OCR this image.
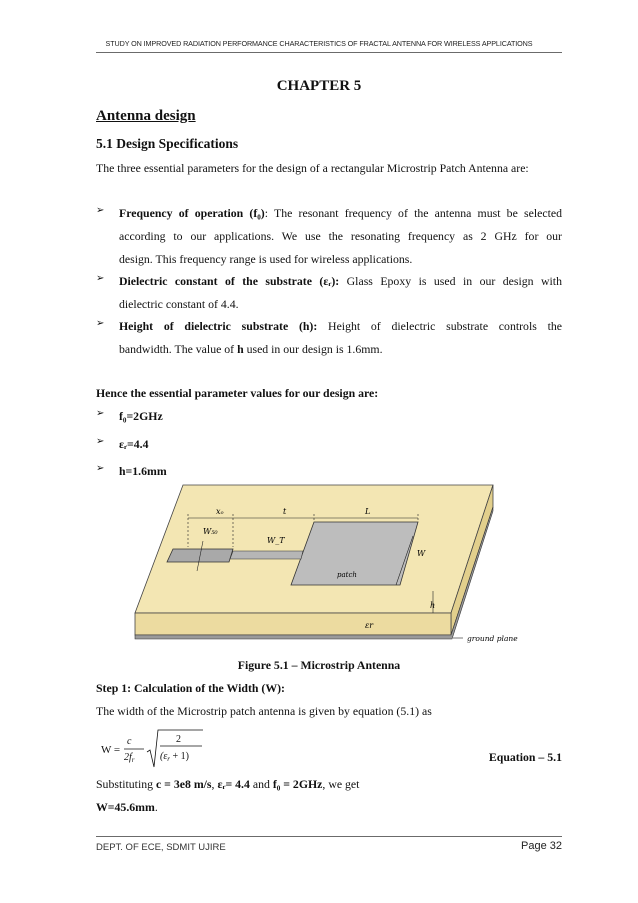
STUDY ON IMPROVED RADIATION PERFORMANCE CHARACTERISTICS OF FRACTAL ANTENNA FOR WIRELESS APPLICATIONS
CHAPTER 5
Antenna design
5.1 Design Specifications
The three essential parameters for the design of a rectangular Microstrip Patch Antenna are:
➢ Frequency of operation (f₀): The resonant frequency of the antenna must be selected
according to our applications. We use the resonating frequency as 2 GHz for our
design. This frequency range is used for wireless applications.
➢ Dielectric constant of the substrate (εᵣ): Glass Epoxy is used in our design with
dielectric constant of 4.4.
➢ Height of dielectric substrate (h): Height of dielectric substrate controls the
bandwidth. The value of h used in our design is 1.6mm.
Hence the essential parameter values for our design are:
➢ f₀=2GHz
➢ εᵣ=4.4
➢ h=1.6mm
xₒ	t	L
W₅₀
W_T
W
patch
h
εr
ground plane
Figure 5.1 – Microstrip Antenna
Step 1: Calculation of the Width (W):
The width of the Microstrip patch antenna is given by equation (5.1) as
W =
c
$2f_r$
2
$(\varepsilon_r + 1)$	Equation – 5.1
Substituting c = 3e8 m/s, εᵣ= 4.4 and f₀ = 2GHz, we get
W=45.6mm.
DEPT. OF ECE, SDMIT UJIRE	Page 32
